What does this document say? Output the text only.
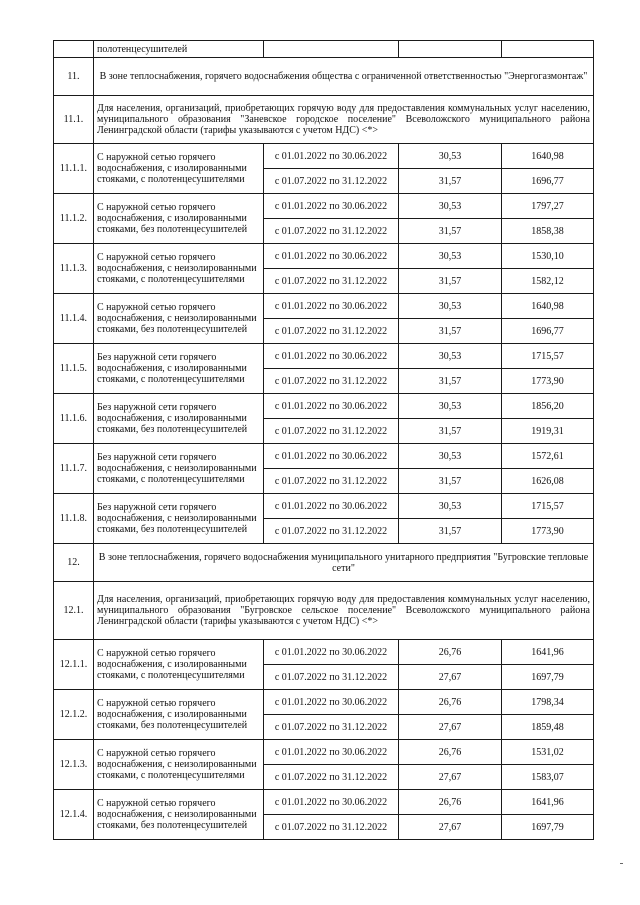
	полотенцесушителей			
11.	В зоне теплоснабжения, горячего водоснабжения общества с ограниченной ответственностью "Энергогазмонтаж"			
11.1.	Для населения, организаций, приобретающих горячую воду для предоставления коммунальных услуг населению, муниципального образования "Заневское городское поселение" Всеволожского муниципального района Ленинградской области (тарифы указываются с учетом НДС) <*>			
11.1.1.	С наружной сетью горячего водоснабжения, с изолированными стояками, с полотенцесушителями	с 01.01.2022 по 30.06.2022	30,53	1640,98
		с 01.07.2022 по 31.12.2022	31,57	1696,77
11.1.2.	С наружной сетью горячего водоснабжения, с изолированными стояками, без полотенцесушителей	с 01.01.2022 по 30.06.2022	30,53	1797,27
		с 01.07.2022 по 31.12.2022	31,57	1858,38
11.1.3.	С наружной сетью горячего водоснабжения, с неизолированными стояками, с полотенцесушителями	с 01.01.2022 по 30.06.2022	30,53	1530,10
		с 01.07.2022 по 31.12.2022	31,57	1582,12
11.1.4.	С наружной сетью горячего водоснабжения, с неизолированными стояками, без полотенцесушителей	с 01.01.2022 по 30.06.2022	30,53	1640,98
		с 01.07.2022 по 31.12.2022	31,57	1696,77
11.1.5.	Без наружной сети горячего водоснабжения, с изолированными стояками, с полотенцесушителями	с 01.01.2022 по 30.06.2022	30,53	1715,57
		с 01.07.2022 по 31.12.2022	31,57	1773,90
11.1.6.	Без наружной сети горячего водоснабжения, с изолированными стояками, без полотенцесушителей	с 01.01.2022 по 30.06.2022	30,53	1856,20
		с 01.07.2022 по 31.12.2022	31,57	1919,31
11.1.7.	Без наружной сети горячего водоснабжения, с неизолированными стояками, с полотенцесушителями	с 01.01.2022 по 30.06.2022	30,53	1572,61
		с 01.07.2022 по 31.12.2022	31,57	1626,08
11.1.8.	Без наружной сети горячего водоснабжения, с неизолированными стояками, без полотенцесушителей	с 01.01.2022 по 30.06.2022	30,53	1715,57
		с 01.07.2022 по 31.12.2022	31,57	1773,90
12.	В зоне теплоснабжения, горячего водоснабжения муниципального унитарного предприятия "Бугровские тепловые сети"			
12.1.	Для населения, организаций, приобретающих горячую воду для предоставления коммунальных услуг населению, муниципального образования "Бугровское сельское поселение" Всеволожского муниципального района Ленинградской области (тарифы указываются с учетом НДС) <*>			
12.1.1.	С наружной сетью горячего водоснабжения, с изолированными стояками, с полотенцесушителями	с 01.01.2022 по 30.06.2022	26,76	1641,96
		с 01.07.2022 по 31.12.2022	27,67	1697,79
12.1.2.	С наружной сетью горячего водоснабжения, с изолированными стояками, без полотенцесушителей	с 01.01.2022 по 30.06.2022	26,76	1798,34
		с 01.07.2022 по 31.12.2022	27,67	1859,48
12.1.3.	С наружной сетью горячего водоснабжения, с неизолированными стояками, с полотенцесушителями	с 01.01.2022 по 30.06.2022	26,76	1531,02
		с 01.07.2022 по 31.12.2022	27,67	1583,07
12.1.4.	С наружной сетью горячего водоснабжения, с неизолированными стояками, без полотенцесушителей	с 01.01.2022 по 30.06.2022	26,76	1641,96
		с 01.07.2022 по 31.12.2022	27,67	1697,79
